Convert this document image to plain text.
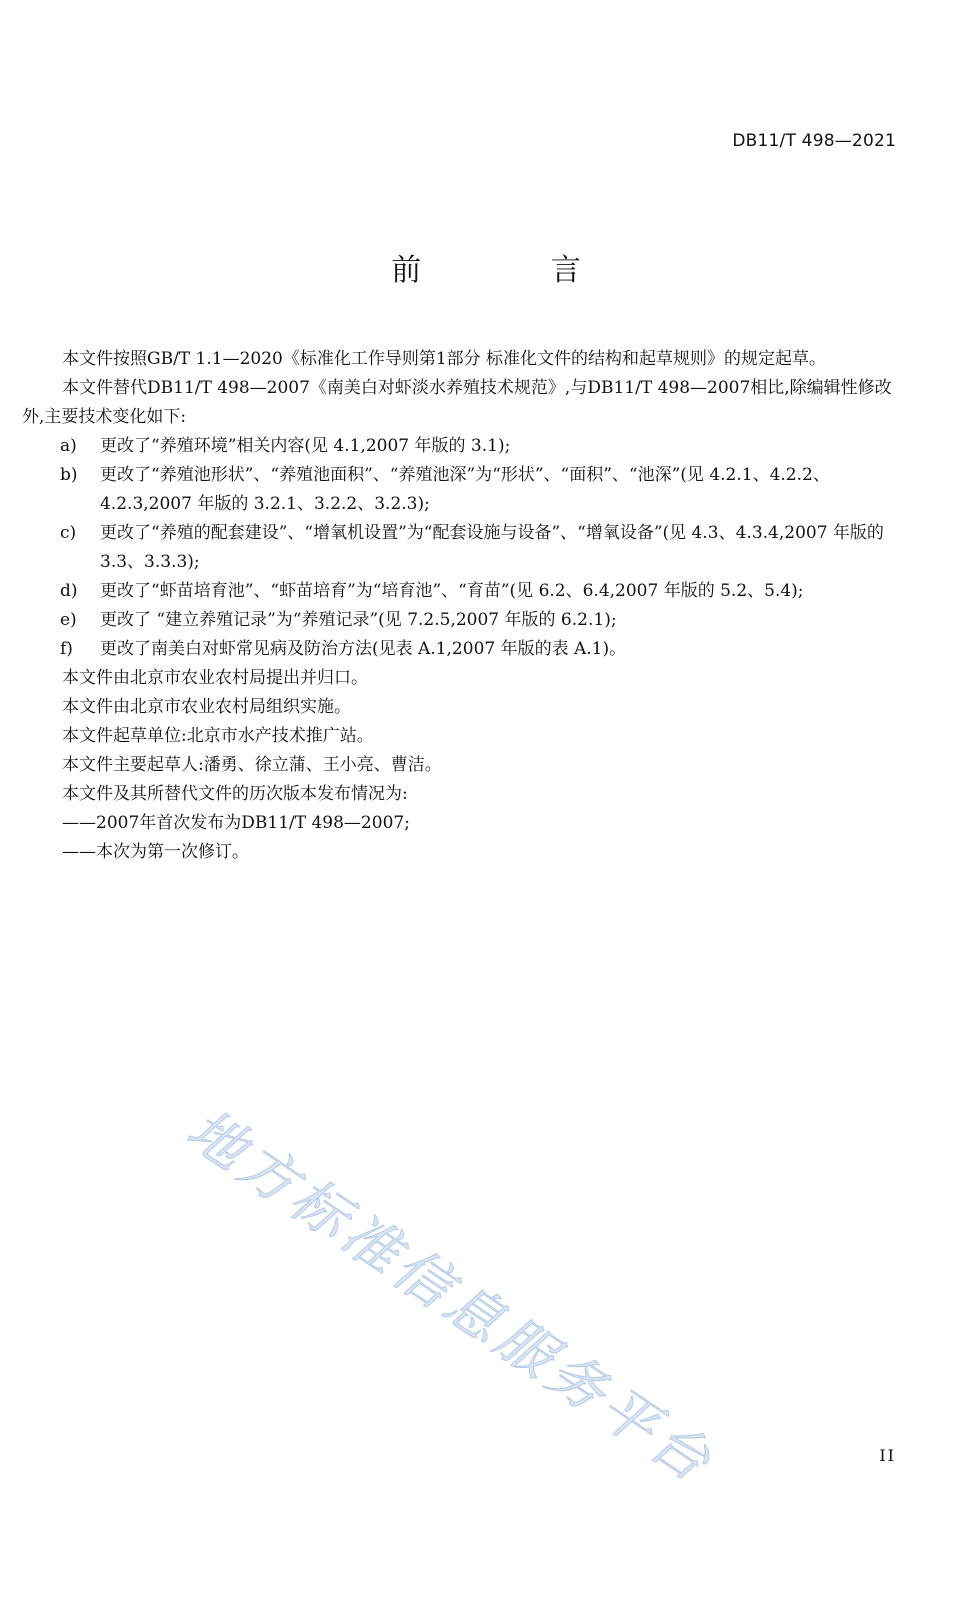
DB11/T 498—2021
前 言

本文件按照GB/T 1.1—2020《标准化工作导则第1部分 标准化文件的结构和起草规则》的规定起草。

本文件替代DB11/T 498—2007《南美白对虾淡水养殖技术规范》,与DB11/T 498—2007相比,除编辑性修改外,主要技术变化如下:

a) 更改了“养殖环境”相关内容(见 4.1,2007 年版的 3.1);
b) 更改了“养殖池形状”、“养殖池面积”、“养殖池深”为“形状”、“面积”、“池深”(见 4.2.1、4.2.2、4.2.3,2007 年版的 3.2.1、3.2.2、3.2.3);
c) 更改了“养殖的配套建设”、“增氧机设置”为“配套设施与设备”、“增氧设备”(见 4.3、4.3.4,2007 年版的 3.3、3.3.3);
d) 更改了“虾苗培育池”、“虾苗培育”为“培育池”、“育苗”(见 6.2、6.4,2007 年版的 5.2、5.4);
e) 更改了 “建立养殖记录”为“养殖记录”(见 7.2.5,2007 年版的 6.2.1);
f) 更改了南美白对虾常见病及防治方法(见表 A.1,2007 年版的表 A.1)。

本文件由北京市农业农村局提出并归口。

本文件由北京市农业农村局组织实施。

本文件起草单位:北京市水产技术推广站。

本文件主要起草人:潘勇、徐立蒲、王小亮、曹洁。

本文件及其所替代文件的历次版本发布情况为:

——2007年首次发布为DB11/T 498—2007;
——本次为第一次修订。
地方标准信息服务平台	II
